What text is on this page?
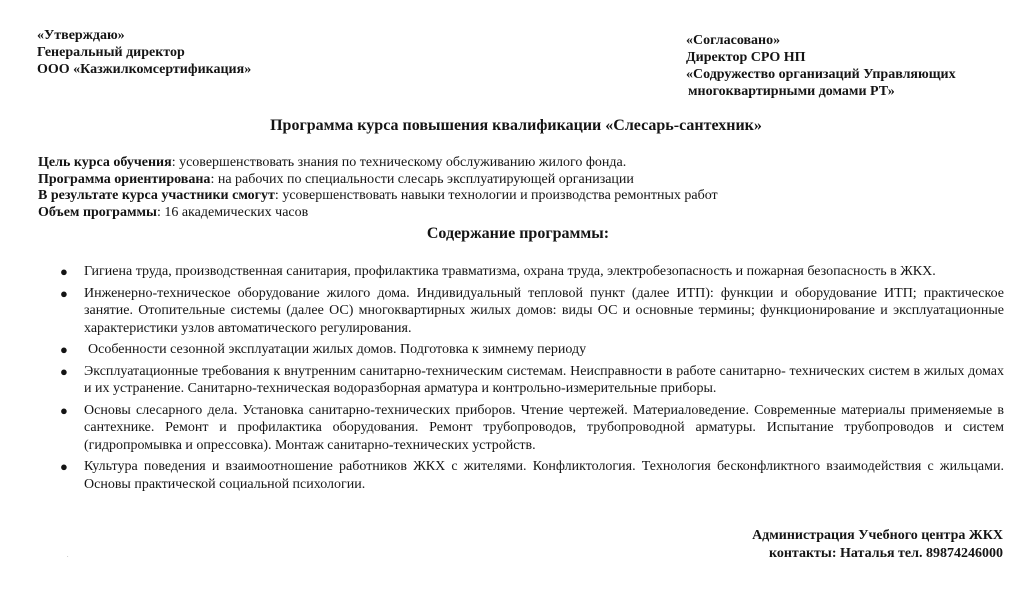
«Утверждаю»
Генеральный директор
ООО «Казжилкомсертификация»
«Согласовано»
Директор СРО НП
«Содружество организаций Управляющих
многоквартирными домами РТ»
Программа курса повышения квалификации «Слесарь-сантехник»
Цель курса обучения: усовершенствовать знания по техническому обслуживанию жилого фонда.
Программа ориентирована: на рабочих по специальности слесарь эксплуатирующей организации
В результате курса участники смогут: усовершенствовать навыки технологии и производства ремонтных работ
Объем программы: 16 академических часов
Содержание программы:
● Гигиена труда, производственная санитария, профилактика травматизма, охрана труда, электробезопасность и пожарная безопасность в ЖКХ.
● Инженерно-техническое оборудование жилого дома. Индивидуальный тепловой пункт (далее ИТП): функции и оборудование ИТП; практическое занятие. Отопительные системы (далее ОС) многоквартирных жилых домов: виды ОС и основные термины; функционирование и эксплуатационные характеристики узлов автоматического регулирования.
● Особенности сезонной эксплуатации жилых домов. Подготовка к зимнему периоду
● Эксплуатационные требования к внутренним санитарно-техническим системам. Неисправности в работе санитарно- технических систем в жилых домах и их устранение. Санитарно-техническая водоразборная арматура и контрольно-измерительные приборы.
● Основы слесарного дела. Установка санитарно-технических приборов. Чтение чертежей. Материаловедение. Современные материалы применяемые в сантехнике. Ремонт и профилактика оборудования. Ремонт трубопроводов, трубопроводной арматуры. Испытание трубопроводов и систем (гидропромывка и опрессовка). Монтаж санитарно-технических устройств.
● Культура поведения и взаимоотношение работников ЖКХ с жителями. Конфликтология. Технология бесконфликтного взаимодействия с жильцами. Основы практической социальной психологии.
Администрация Учебного центра ЖКХ
контакты: Наталья тел. 89874246000
.
